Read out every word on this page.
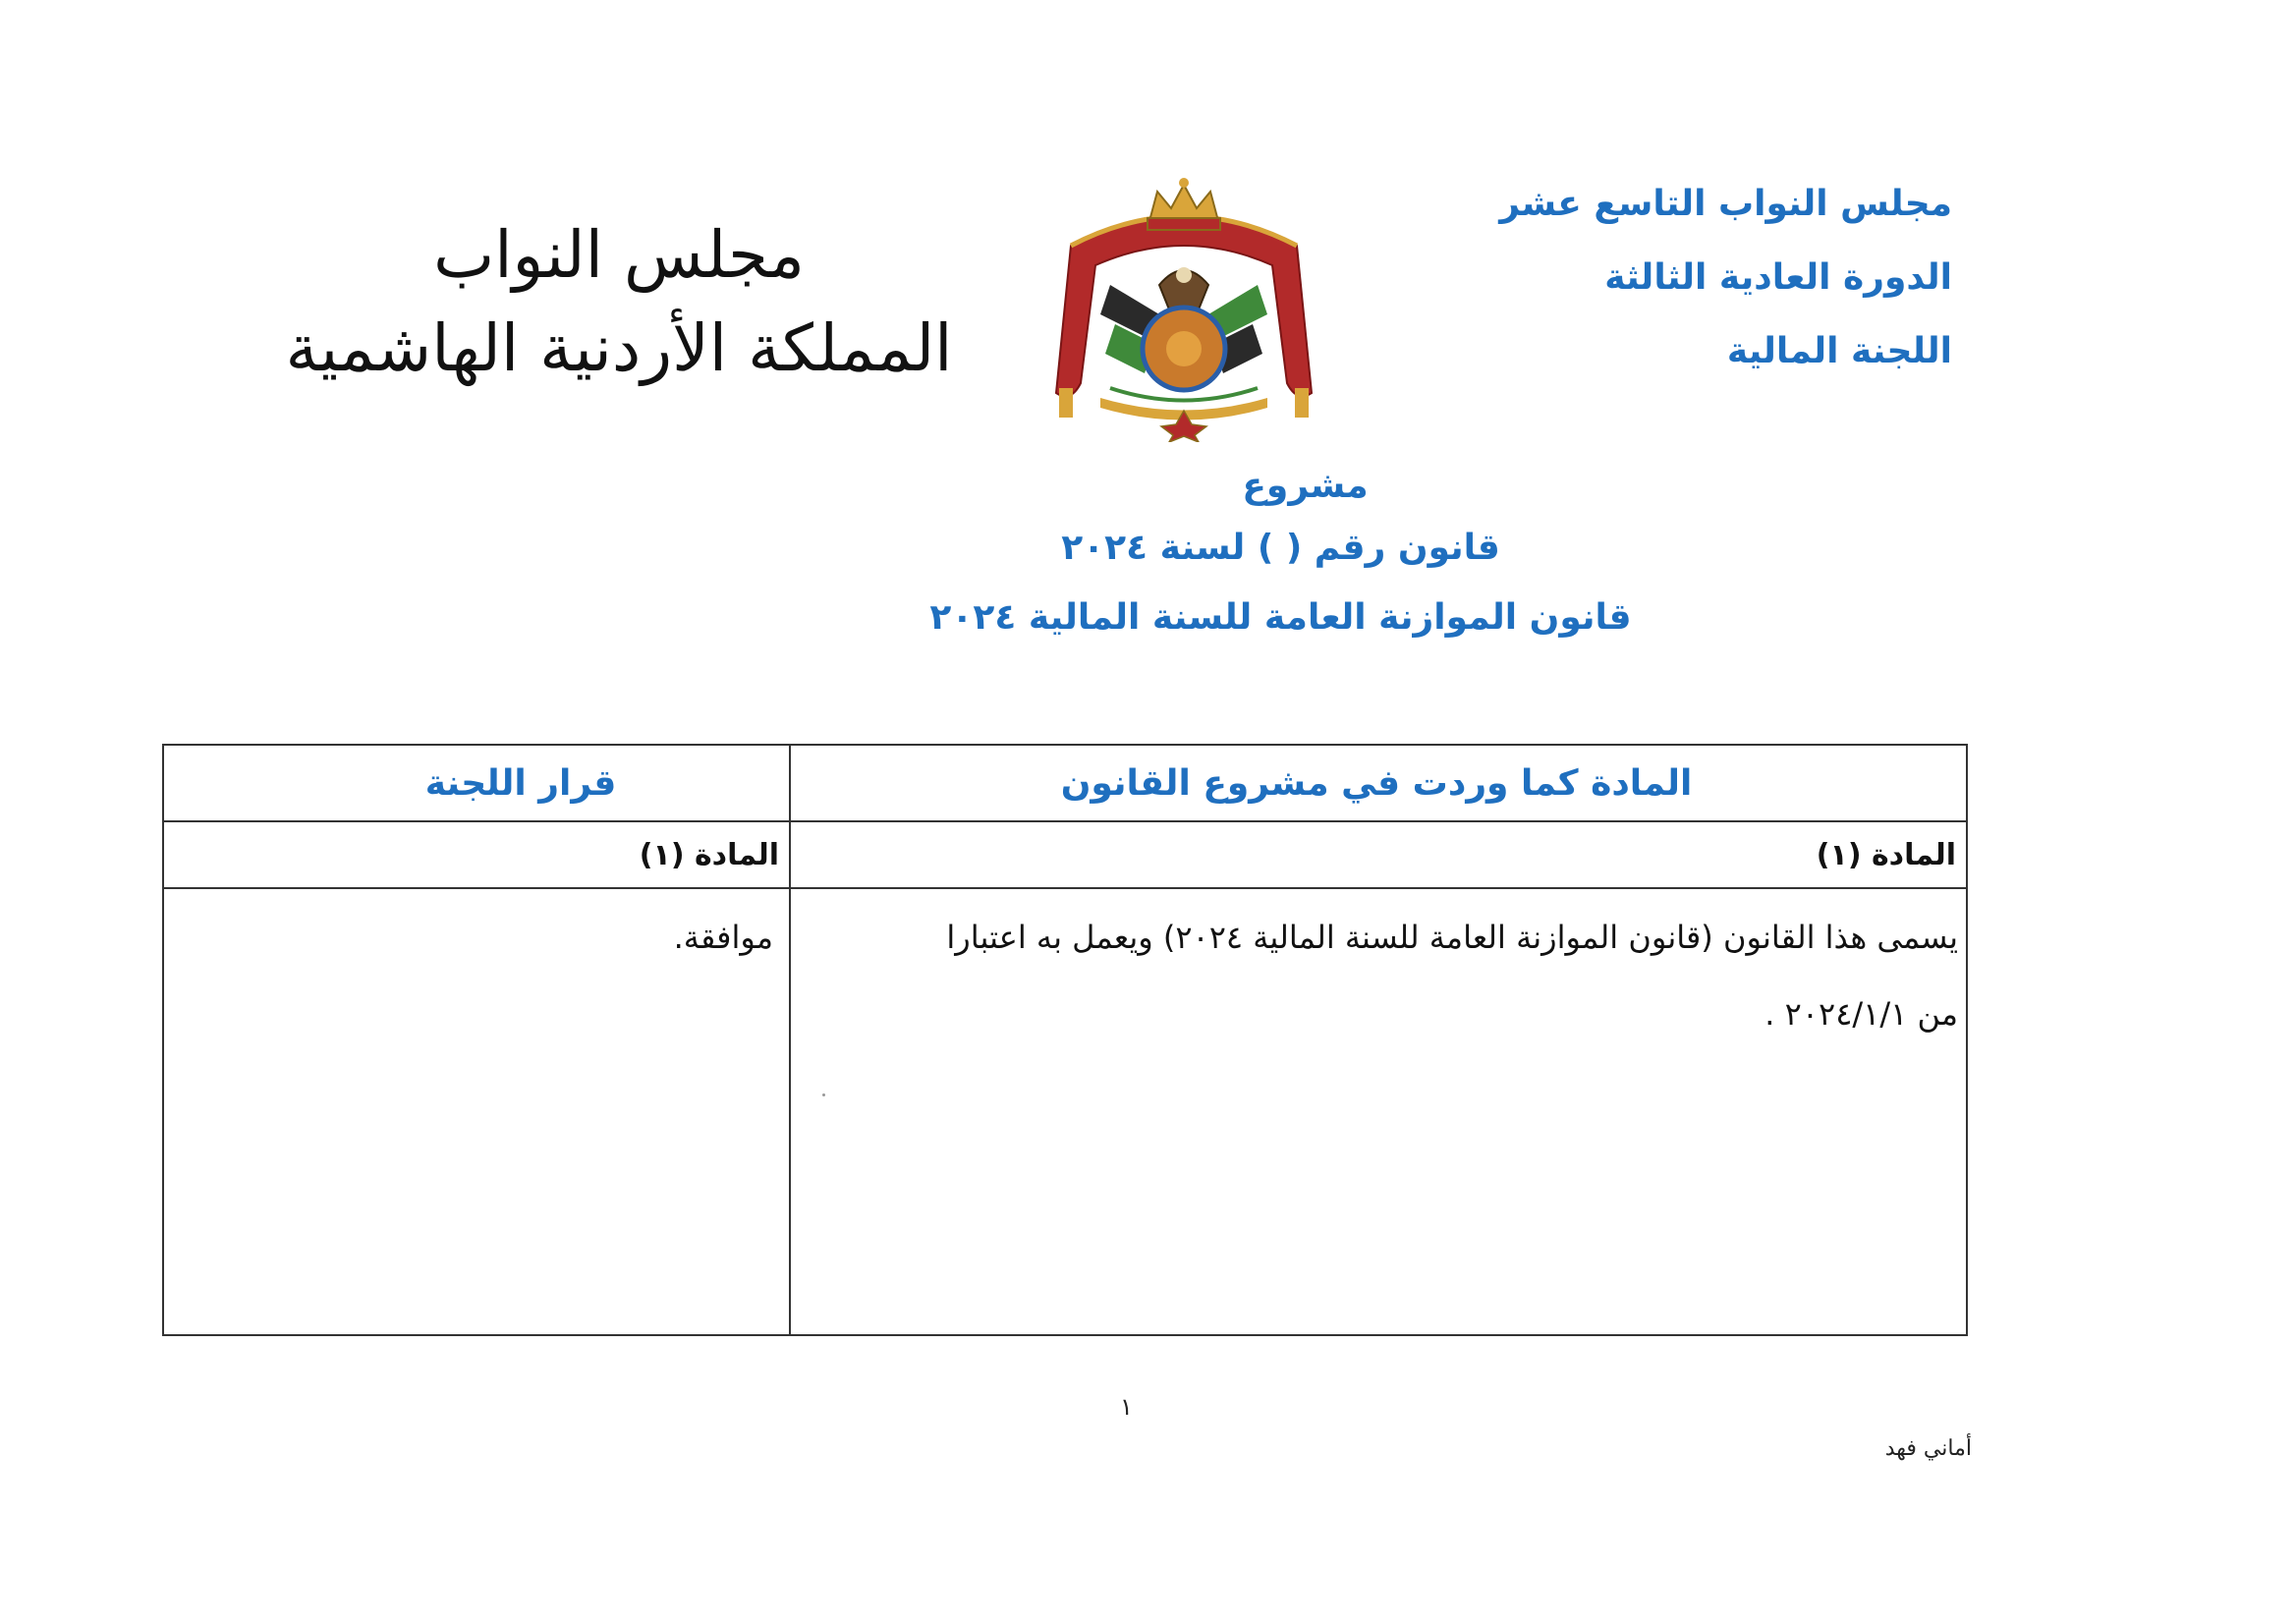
مجلس النواب التاسع عشر
الدورة العادية الثالثة
اللجنة المالية
مجلس النواب
المملكة الأردنية الهاشمية
مشروع
قانون رقم ( ) لسنة ٢٠٢٤
قانون الموازنة العامة للسنة المالية ٢٠٢٤
المادة كما وردت في مشروع القانون
قرار اللجنة
المادة (١)
المادة (١)
يسمى هذا القانون (قانون الموازنة العامة للسنة المالية ٢٠٢٤) ويعمل به اعتبارا
من ٢٠٢٤/١/١ .
موافقة.
١
أماني فهد
